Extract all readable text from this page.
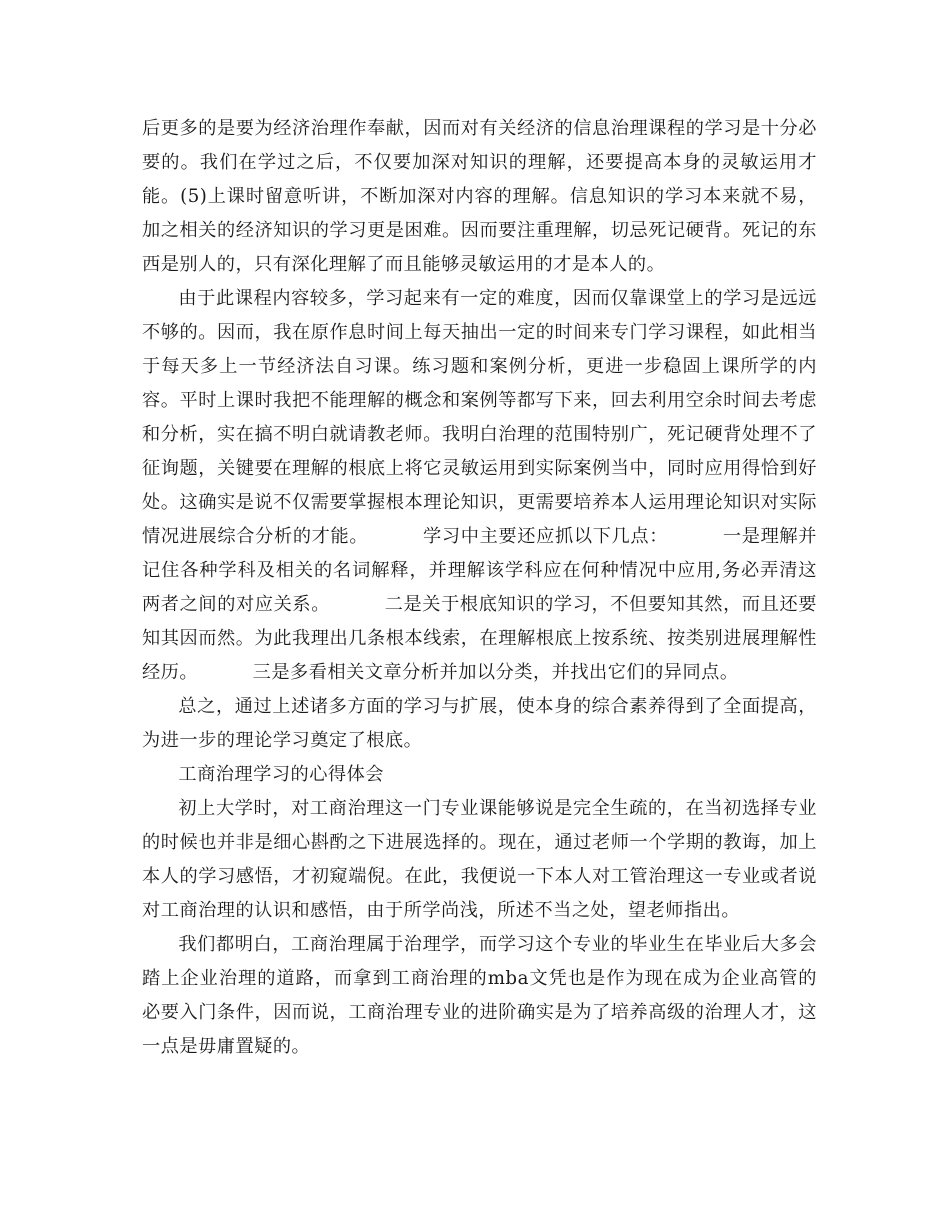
后更多的是要为经济治理作奉献，因而对有关经济的信息治理课程的学习是十分必要的。我们在学过之后，不仅要加深对知识的理解，还要提高本身的灵敏运用才能。(5)上课时留意听讲，不断加深对内容的理解。信息知识的学习本来就不易，加之相关的经济知识的学习更是困难。因而要注重理解，切忌死记硬背。死记的东西是别人的，只有深化理解了而且能够灵敏运用的才是本人的。

由于此课程内容较多，学习起来有一定的难度，因而仅靠课堂上的学习是远远不够的。因而，我在原作息时间上每天抽出一定的时间来专门学习课程，如此相当于每天多上一节经济法自习课。练习题和案例分析，更进一步稳固上课所学的内容。平时上课时我把不能理解的概念和案例等都写下来，回去利用空余时间去考虑和分析，实在搞不明白就请教老师。我明白治理的范围特别广，死记硬背处理不了征询题，关键要在理解的根底上将它灵敏运用到实际案例当中，同时应用得恰到好处。这确实是说不仅需要掌握根本理论知识，更需要培养本人运用理论知识对实际情况进展综合分析的才能。	学习中主要还应抓以下几点：	一是理解并记住各种学科及相关的名词解释，并理解该学科应在何种情况中应用,务必弄清这两者之间的对应关系。	二是关于根底知识的学习，不但要知其然，而且还要知其因而然。为此我理出几条根本线索，在理解根底上按系统、按类别进展理解性经历。	三是多看相关文章分析并加以分类，并找出它们的异同点。

总之，通过上述诸多方面的学习与扩展，使本身的综合素养得到了全面提高，为进一步的理论学习奠定了根底。

工商治理学习的心得体会

初上大学时，对工商治理这一门专业课能够说是完全生疏的，在当初选择专业的时候也并非是细心斟酌之下进展选择的。现在，通过老师一个学期的教诲，加上本人的学习感悟，才初窥端倪。在此，我便说一下本人对工管治理这一专业或者说对工商治理的认识和感悟，由于所学尚浅，所述不当之处，望老师指出。

我们都明白，工商治理属于治理学，而学习这个专业的毕业生在毕业后大多会踏上企业治理的道路，而拿到工商治理的mba文凭也是作为现在成为企业高管的必要入门条件，因而说，工商治理专业的进阶确实是为了培养高级的治理人才，这一点是毋庸置疑的。
